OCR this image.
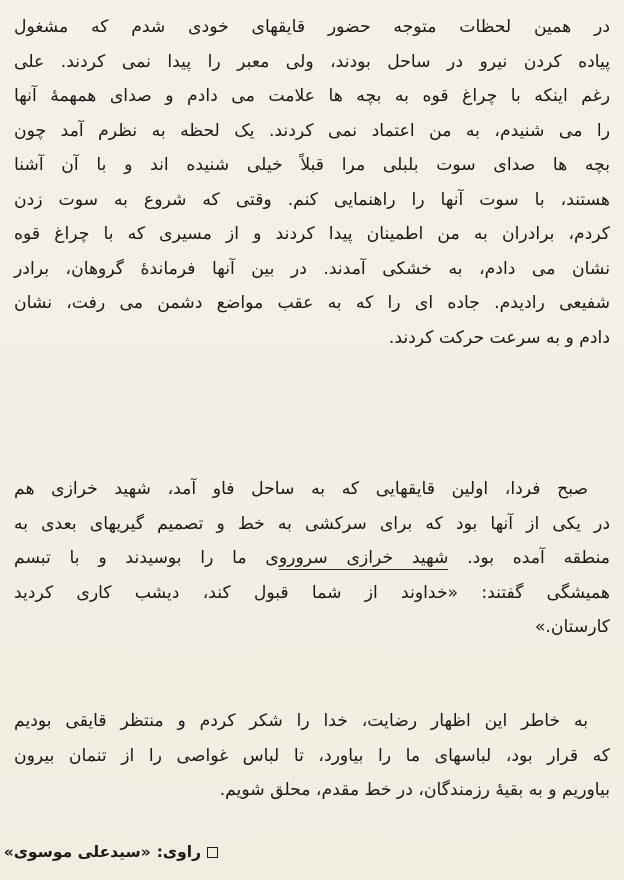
در همین لحظات متوجه حضور قایقهای خودی شدم که مشغول
پیاده کردن نیرو در ساحل بودند، ولی معبر را پیدا نمی کردند. علی
رغم اینکه با چراغ قوه به بچه ها علامت می دادم و صدای همهمهٔ آنها
را می شنیدم، به من اعتماد نمی کردند. یک لحظه به نظرم آمد چون
بچه ها صدای سوت بلبلی مرا قبلاً خیلی شنیده اند و با آن آشنا
هستند، با سوت آنها را راهنمایی کنم. وقتی که شروع به سوت زدن
کردم، برادران به من اطمینان پیدا کردند و از مسیری که با چراغ قوه
نشان می دادم، به خشکی آمدند. در بین آنها فرماندهٔ گروهان، برادر
شفیعی رادیدم. جاده ای را که به عقب مواضع دشمن می رفت، نشان
دادم و به سرعت حرکت کردند.
صبح فردا، اولین قایقهایی که به ساحل فاو آمد، شهید خرازی هم
در یکی از آنها بود که برای سرکشی به خط و تصمیم گیریهای بعدی به
منطقه آمده بود. شهید خرازی سروروی ما را بوسیدند و با تبسم
همیشگی گفتند: «خداوند از شما قبول کند، دیشب کاری کردید
کارستان.»
به خاطر این اظهار رضایت، خدا را شکر کردم و منتظر قایقی بودیم
که قرار بود، لباسهای ما را بیاورد، تا لباس غواصی را از تنمان بیرون
بیاوریم و به بقیهٔ رزمندگان، در خط مقدم، محلق شویم.
راوی:
«سیدعلی موسوی»
